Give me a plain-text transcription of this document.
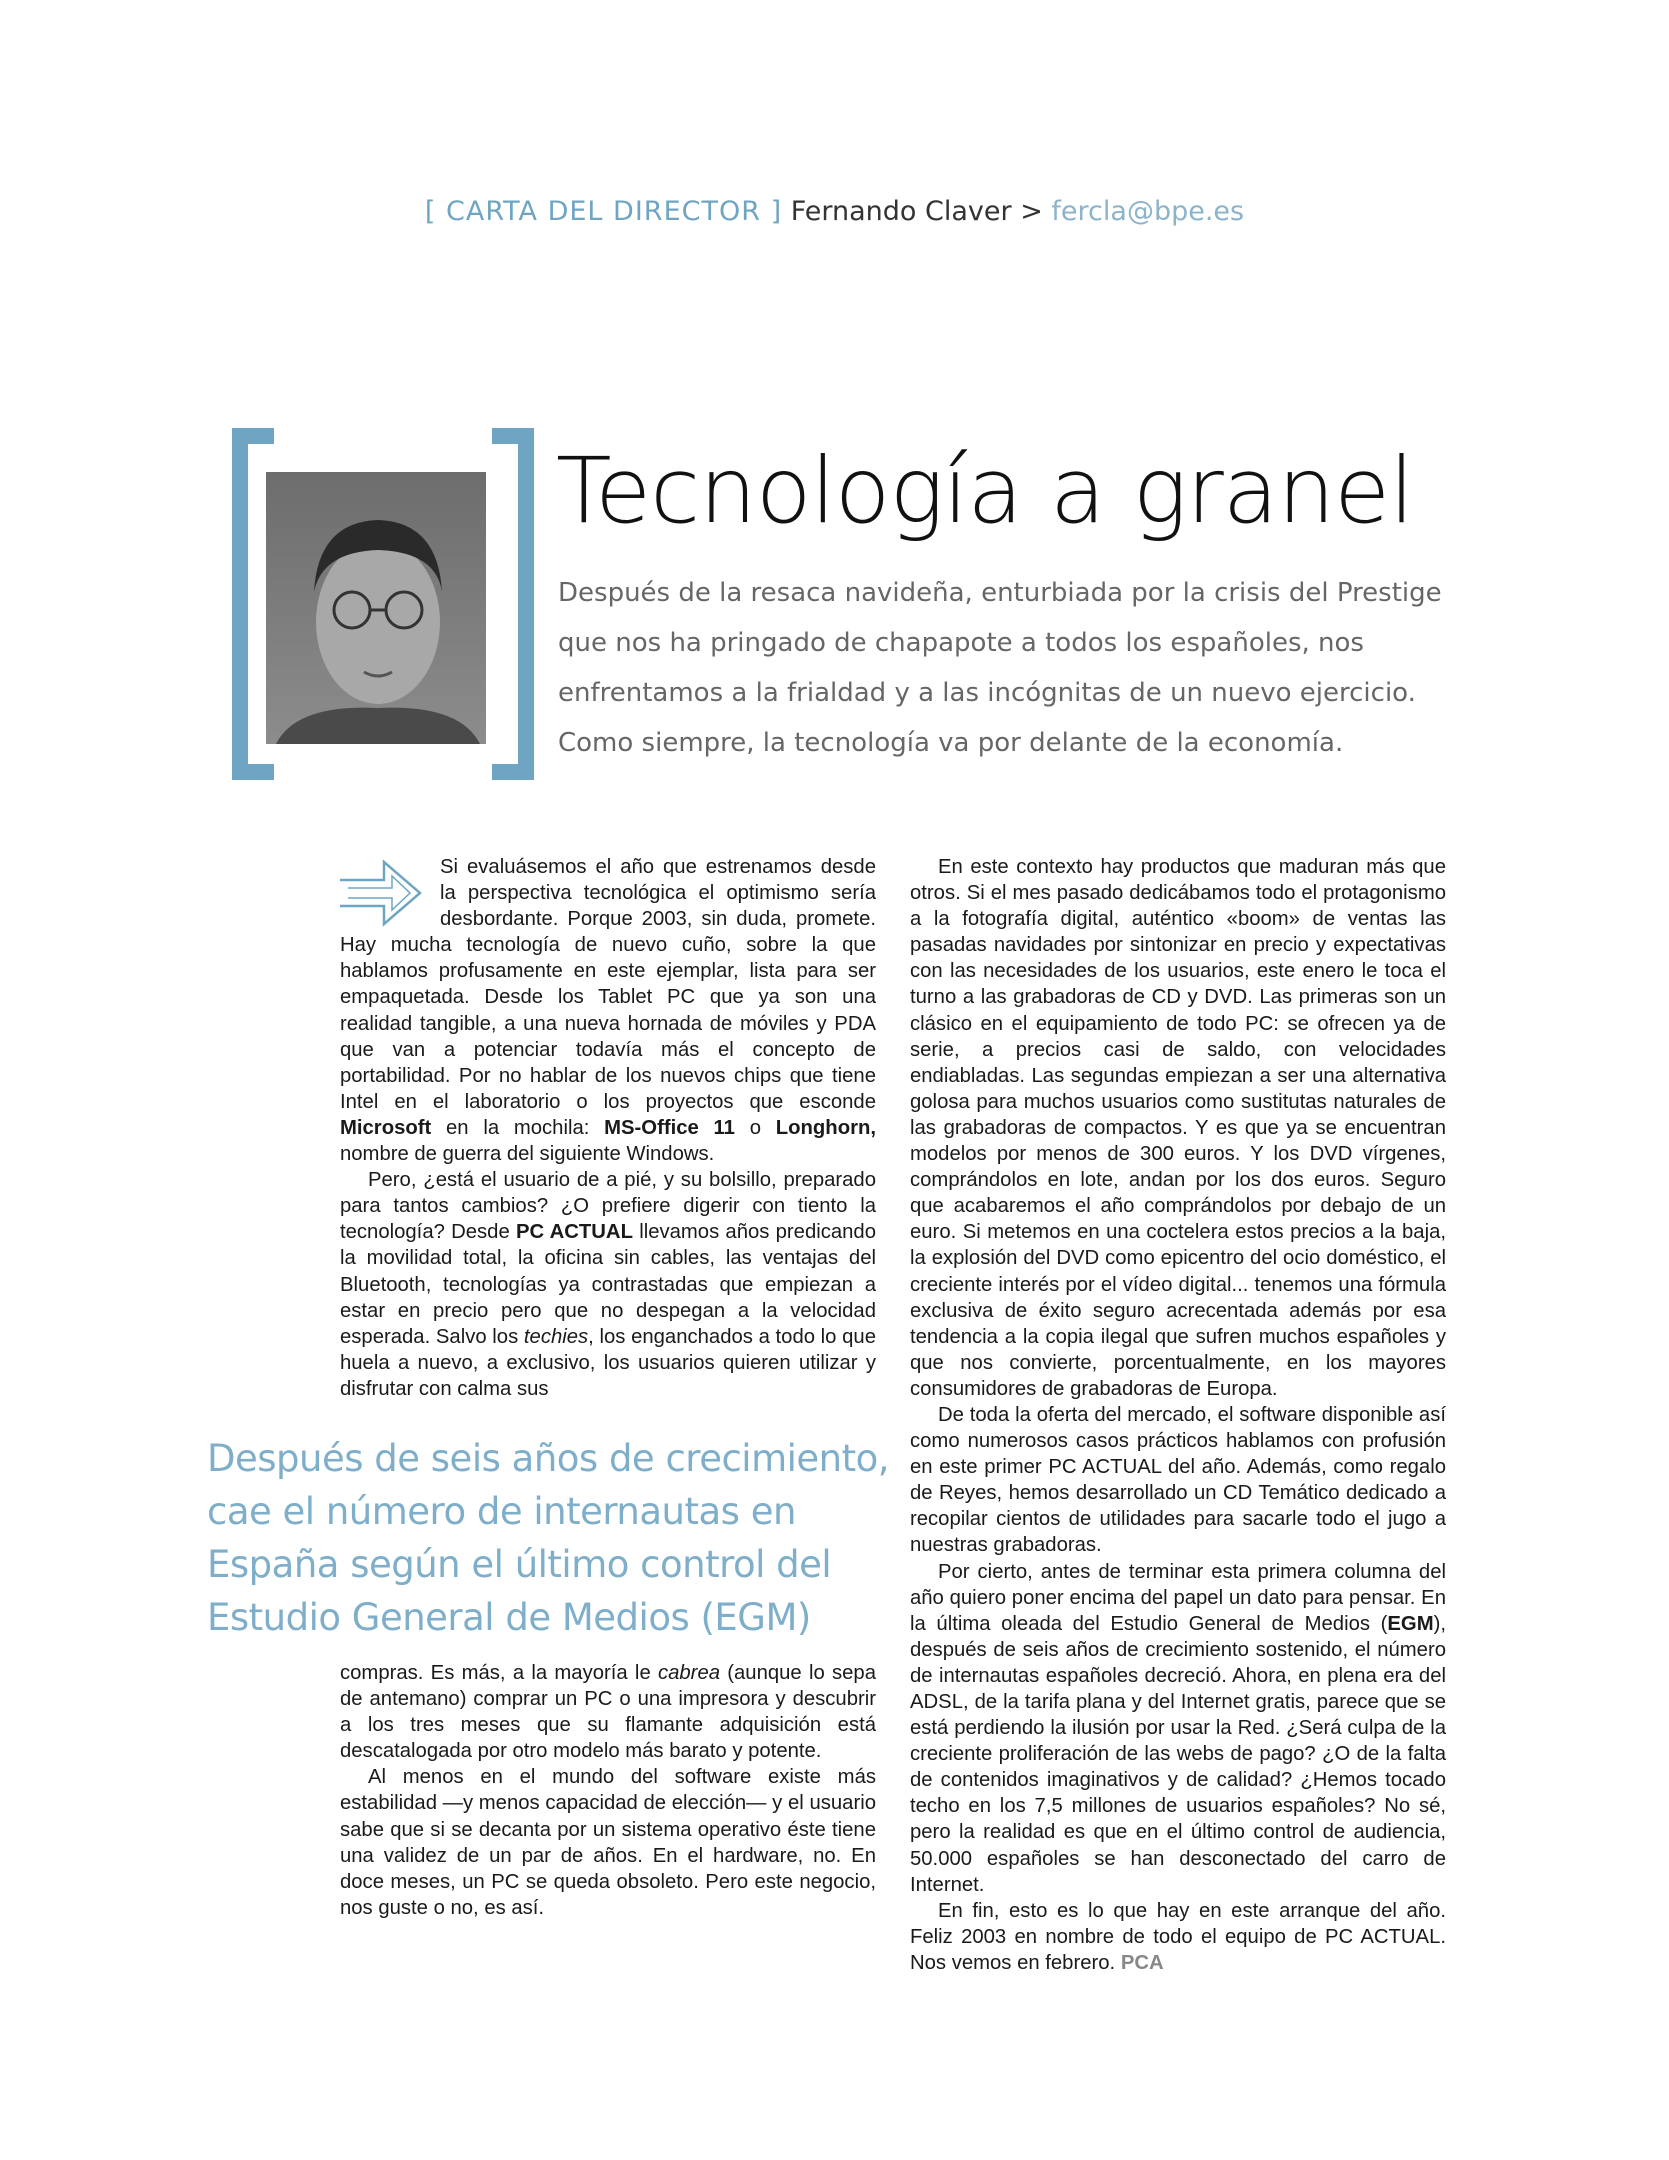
[ CARTA DEL DIRECTOR ] Fernando Claver > fercla@bpe.es
Tecnología a granel

Después de la resaca navideña, enturbiada por la crisis del Prestige

que nos ha pringado de chapapote a todos los españoles, nos

enfrentamos a la frialdad y a las incógnitas de un nuevo ejercicio.

Como siempre, la tecnología va por delante de la economía.

Si evaluásemos el año que estrenamos desde la perspectiva tecnológica el optimismo sería desbordante. Porque 2003, sin duda, promete. Hay mucha tecnología de nuevo cuño, sobre la que hablamos profusamente en este ejemplar, lista para ser empaquetada. Desde los Tablet PC que ya son una realidad tangible, a una nueva hornada de móviles y PDA que van a potenciar todavía más el concepto de portabilidad. Por no hablar de los nuevos chips que tiene Intel en el laboratorio o los proyectos que esconde Microsoft en la mochila: MS-Office 11 o Longhorn, nombre de guerra del siguiente Windows.

Pero, ¿está el usuario de a pié, y su bolsillo, preparado para tantos cambios? ¿O prefiere digerir con tiento la tecnología? Desde PC ACTUAL llevamos años predicando la movilidad total, la oficina sin cables, las ventajas del Bluetooth, tecnologías ya contrastadas que empiezan a estar en precio pero que no despegan a la velocidad esperada. Salvo los techies, los enganchados a todo lo que huela a nuevo, a exclusivo, los usuarios quieren utilizar y disfrutar con calma sus

Después de seis años de crecimiento,

cae el número de internautas en

España según el último control del

Estudio General de Medios (EGM)

compras. Es más, a la mayoría le cabrea (aunque lo sepa de antemano) comprar un PC o una impresora y descubrir a los tres meses que su flamante adquisición está descatalogada por otro modelo más barato y potente.

Al menos en el mundo del software existe más estabilidad —y menos capacidad de elección— y el usuario sabe que si se decanta por un sistema operativo éste tiene una validez de un par de años. En el hardware, no. En doce meses, un PC se queda obsoleto. Pero este negocio, nos guste o no, es así.

En este contexto hay productos que maduran más que otros. Si el mes pasado dedicábamos todo el protagonismo a la fotografía digital, auténtico «boom» de ventas las pasadas navidades por sintonizar en precio y expectativas con las necesidades de los usuarios, este enero le toca el turno a las grabadoras de CD y DVD. Las primeras son un clásico en el equipamiento de todo PC: se ofrecen ya de serie, a precios casi de saldo, con velocidades endiabladas. Las segundas empiezan a ser una alternativa golosa para muchos usuarios como sustitutas naturales de las grabadoras de compactos. Y es que ya se encuentran modelos por menos de 300 euros. Y los DVD vírgenes, comprándolos en lote, andan por los dos euros. Seguro que acabaremos el año comprándolos por debajo de un euro. Si metemos en una coctelera estos precios a la baja, la explosión del DVD como epicentro del ocio doméstico, el creciente interés por el vídeo digital... tenemos una fórmula exclusiva de éxito seguro acrecentada además por esa tendencia a la copia ilegal que sufren muchos españoles y que nos convierte, porcentualmente, en los mayores consumidores de grabadoras de Europa.

De toda la oferta del mercado, el software disponible así como numerosos casos prácticos hablamos con profusión en este primer PC ACTUAL del año. Además, como regalo de Reyes, hemos desarrollado un CD Temático dedicado a recopilar cientos de utilidades para sacarle todo el jugo a nuestras grabadoras.

Por cierto, antes de terminar esta primera columna del año quiero poner encima del papel un dato para pensar. En la última oleada del Estudio General de Medios (EGM), después de seis años de crecimiento sostenido, el número de internautas españoles decreció. Ahora, en plena era del ADSL, de la tarifa plana y del Internet gratis, parece que se está perdiendo la ilusión por usar la Red. ¿Será culpa de la creciente proliferación de las webs de pago? ¿O de la falta de contenidos imaginativos y de calidad? ¿Hemos tocado techo en los 7,5 millones de usuarios españoles? No sé, pero la realidad es que en el último control de audiencia, 50.000 españoles se han desconectado del carro de Internet.

En fin, esto es lo que hay en este arranque del año. Feliz 2003 en nombre de todo el equipo de PC ACTUAL. Nos vemos en febrero. PCA
